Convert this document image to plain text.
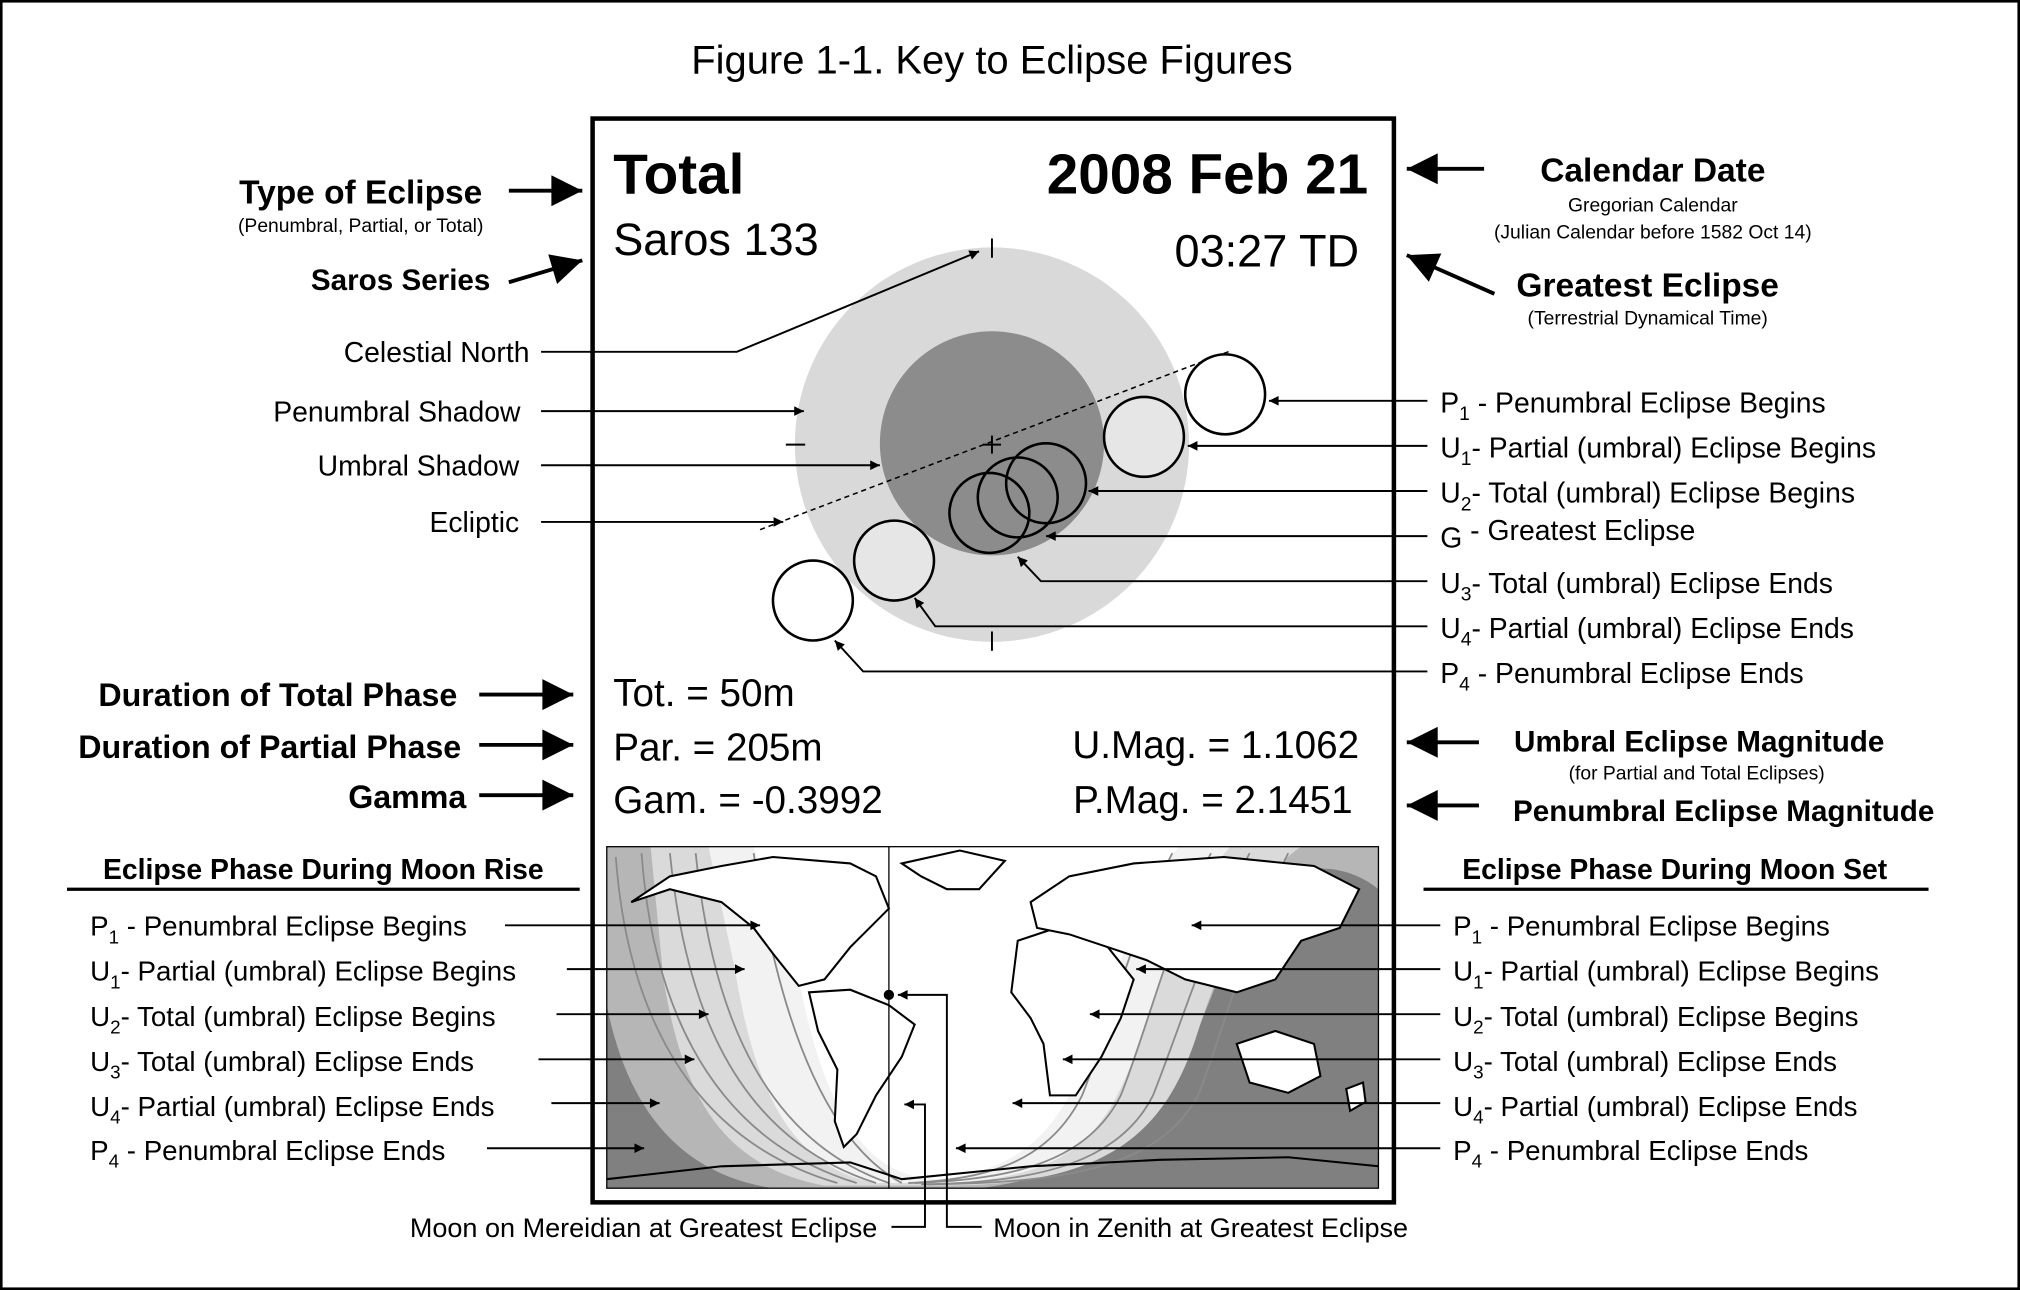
Figure 1-1. Key to Eclipse Figures
Total	2008 Feb 21
Saros 133	03:27 TD
Type of Eclipse
(Penumbral, Partial, or Total)
Saros Series
Celestial North
Penumbral Shadow
Umbral Shadow
Ecliptic
Calendar Date
Gregorian Calendar
(Julian Calendar before 1582 Oct 14)
Greatest Eclipse
(Terrestrial Dynamical Time)
$P_1$ - Penumbral Eclipse Begins
$U_1-$ Partial (umbral) Eclipse Begins
$U_2-$ Total (umbral) Eclipse Begins
G - Greatest Eclipse
$U_3-$ Total (umbral) Eclipse Ends
$U_4-$ Partial (umbral) Eclipse Ends
$P_4$ - Penumbral Eclipse Ends
Tot. = 50m
Par. = 205m
Gam. = -0.3992
U.Mag. = 1.1062
P.Mag. = 2.1451
Duration of Total Phase
Duration of Partial Phase
Gamma
Umbral Eclipse Magnitude
(for Partial and Total Eclipses)
Penumbral Eclipse Magnitude
Eclipse Phase During Moon Rise	Eclipse Phase During Moon Set
$P_1$ - Penumbral Eclipse Begins
$U_1-$ Partial (umbral) Eclipse Begins
$U_2-$ Total (umbral) Eclipse Begins
$U_3-$ Total (umbral) Eclipse Ends
$U_4-$ Partial (umbral) Eclipse Ends
$P_4$ - Penumbral Eclipse Ends
$P_1$ - Penumbral Eclipse Begins
$U_1-$ Partial (umbral) Eclipse Begins
$U_2-$ Total (umbral) Eclipse Begins
$U_3-$ Total (umbral) Eclipse Ends
$U_4-$ Partial (umbral) Eclipse Ends
$P_4$ - Penumbral Eclipse Ends
Moon on Mereidian at Greatest Eclipse	Moon in Zenith at Greatest Eclipse
